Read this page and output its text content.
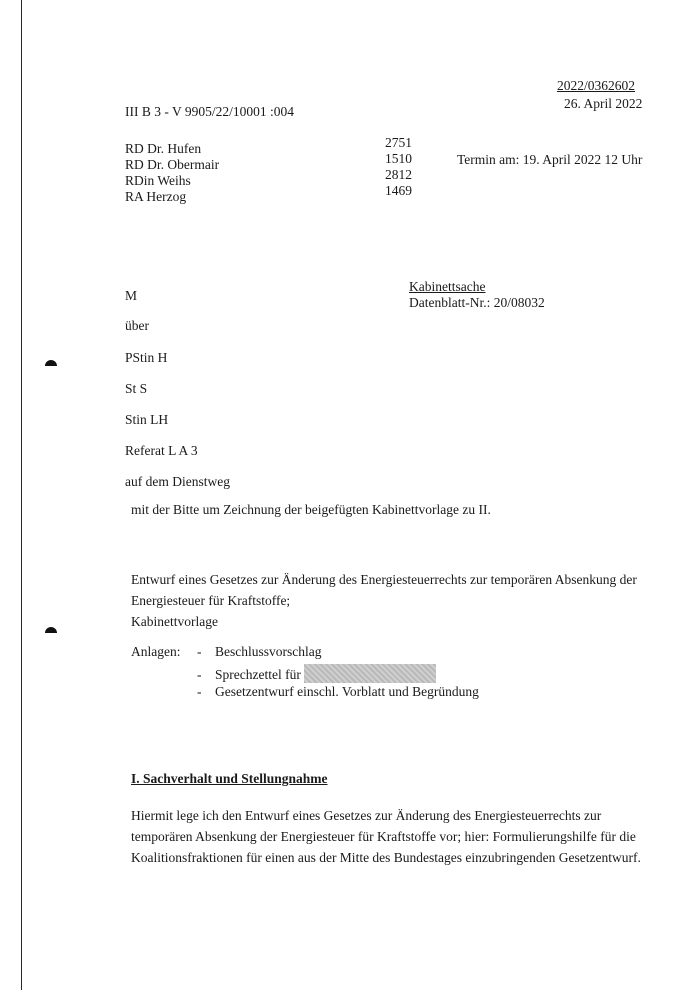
2022/0362602
26. April 2022
III B 3 - V 9905/22/10001 :004
RD Dr. Hufen	2751
RD Dr. Obermair	1510
RDin Weihs	2812
RA Herzog	1469
Termin am: 19. April 2022 12 Uhr
Kabinettsache
Datenblatt-Nr.: 20/08032
M
über
PStin H
St S
Stin LH
Referat L A 3
auf dem Dienstweg
mit der Bitte um Zeichnung der beigefügten Kabinettvorlage zu II.
Entwurf eines Gesetzes zur Änderung des Energiesteuerrechts zur temporären Absenkung der
Energiesteuer für Kraftstoffe;
Kabinettvorlage
Anlagen: - Beschlussvorschlag
- Sprechzettel für
- Gesetzentwurf einschl. Vorblatt und Begründung
I. Sachverhalt und Stellungnahme
Hiermit lege ich den Entwurf eines Gesetzes zur Änderung des Energiesteuerrechts zur
temporären Absenkung der Energiesteuer für Kraftstoffe vor; hier: Formulierungshilfe für die
Koalitionsfraktionen für einen aus der Mitte des Bundestages einzubringenden Gesetzentwurf.
